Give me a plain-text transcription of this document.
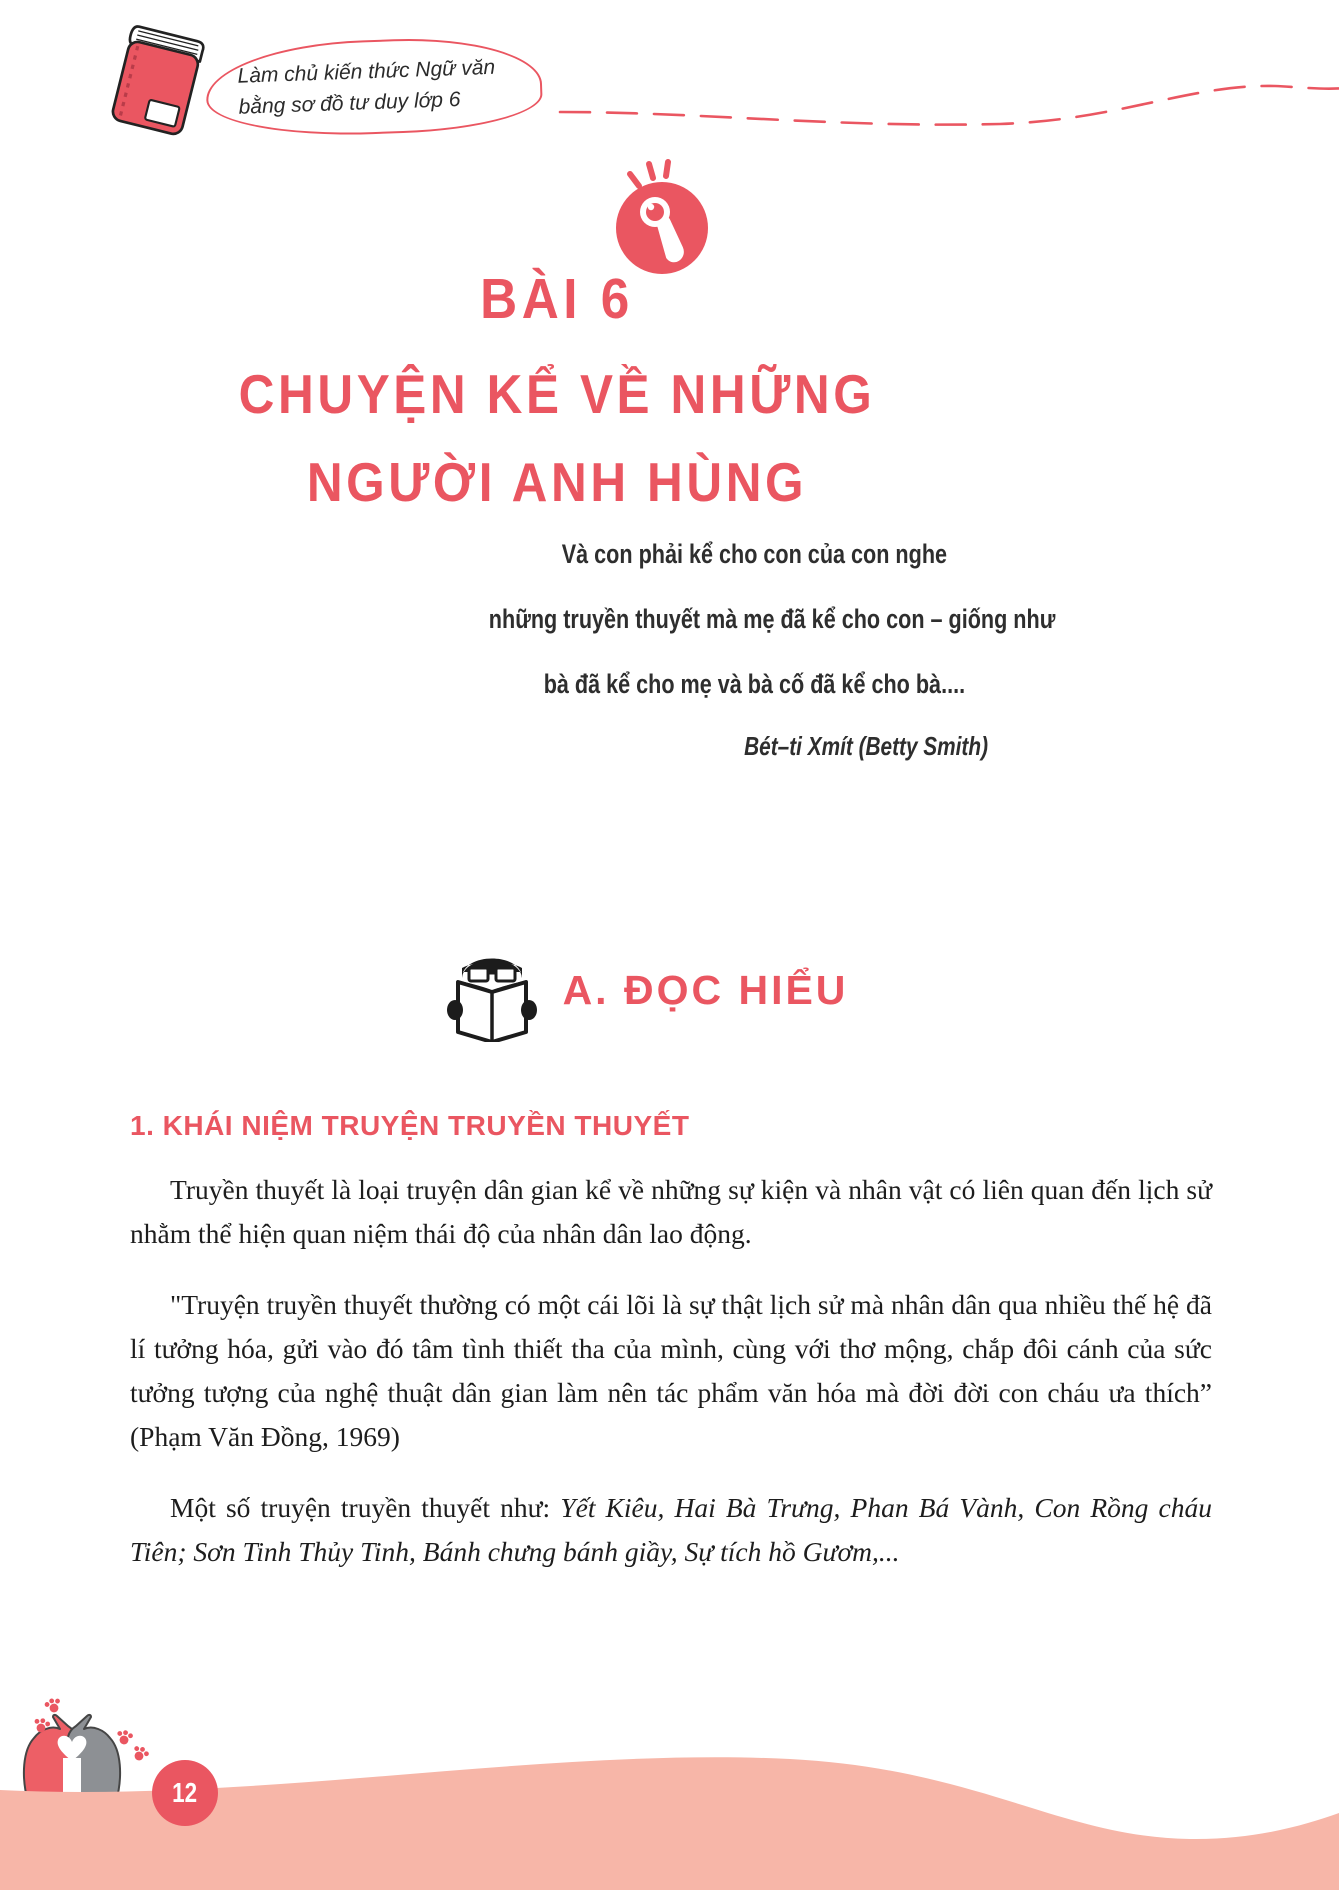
Làm chủ kiến thức Ngữ văn
bằng sơ đồ tư duy lớp 6
BÀI 6
CHUYỆN KỂ VỀ NHỮNG
NGƯỜI ANH HÙNG

Và con phải kể cho con của con nghe

những truyền thuyết mà mẹ đã kể cho con – giống như

bà đã kể cho mẹ và bà cố đã kể cho bà....

Bét–ti Xmít (Betty Smith)

A. ĐỌC HIỂU
1. KHÁI NIỆM TRUYỆN TRUYỀN THUYẾT

Truyền thuyết là loại truyện dân gian kể về những sự kiện và nhân vật có liên quan đến lịch sử nhằm thể hiện quan niệm thái độ của nhân dân lao động.

"Truyện truyền thuyết thường có một cái lõi là sự thật lịch sử mà nhân dân qua nhiều thế hệ đã lí tưởng hóa, gửi vào đó tâm tình thiết tha của mình, cùng với thơ mộng, chắp đôi cánh của sức tưởng tượng của nghệ thuật dân gian làm nên tác phẩm văn hóa mà đời đời con cháu ưa thích” (Phạm Văn Đồng, 1969)

Một số truyện truyền thuyết như: Yết Kiêu, Hai Bà Trưng, Phan Bá Vành, Con Rồng cháu Tiên; Sơn Tinh Thủy Tinh, Bánh chưng bánh giầy, Sự tích hồ Gươm,...

12
